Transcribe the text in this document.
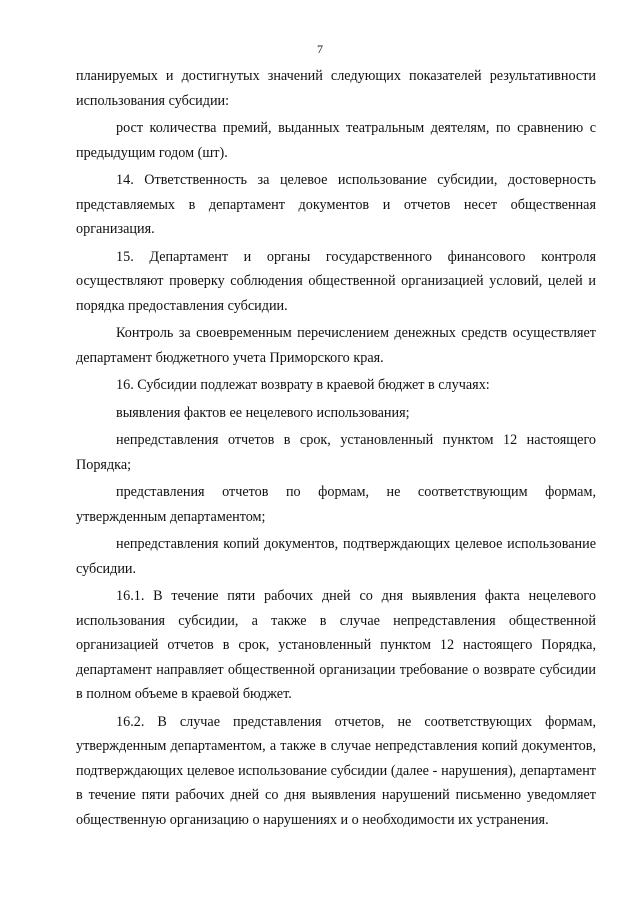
7

планируемых и достигнутых значений следующих показателей результативности использования субсидии:

рост количества премий, выданных театральным деятелям, по сравнению с предыдущим годом (шт).

14. Ответственность за целевое использование субсидии, достоверность представляемых в департамент документов и отчетов несет общественная организация.

15. Департамент и органы государственного финансового контроля осуществляют проверку соблюдения общественной организацией условий, целей и порядка предоставления субсидии.

Контроль за своевременным перечислением денежных средств осуществляет департамент бюджетного учета Приморского края.

16. Субсидии подлежат возврату в краевой бюджет в случаях:

выявления фактов ее нецелевого использования;

непредставления отчетов в срок, установленный пунктом 12 настоящего Порядка;

представления отчетов по формам, не соответствующим формам, утвержденным департаментом;

непредставления копий документов, подтверждающих целевое использование субсидии.

16.1. В течение пяти рабочих дней со дня выявления факта нецелевого использования субсидии, а также в случае непредставления общественной организацией отчетов в срок, установленный пунктом 12 настоящего Порядка, департамент направляет общественной организации требование о возврате субсидии в полном объеме в краевой бюджет.

16.2. В случае представления отчетов, не соответствующих формам, утвержденным департаментом, а также в случае непредставления копий документов, подтверждающих целевое использование субсидии (далее - нарушения), департамент в течение пяти рабочих дней со дня выявления нарушений письменно уведомляет общественную организацию о нарушениях и о необходимости их устранения.
